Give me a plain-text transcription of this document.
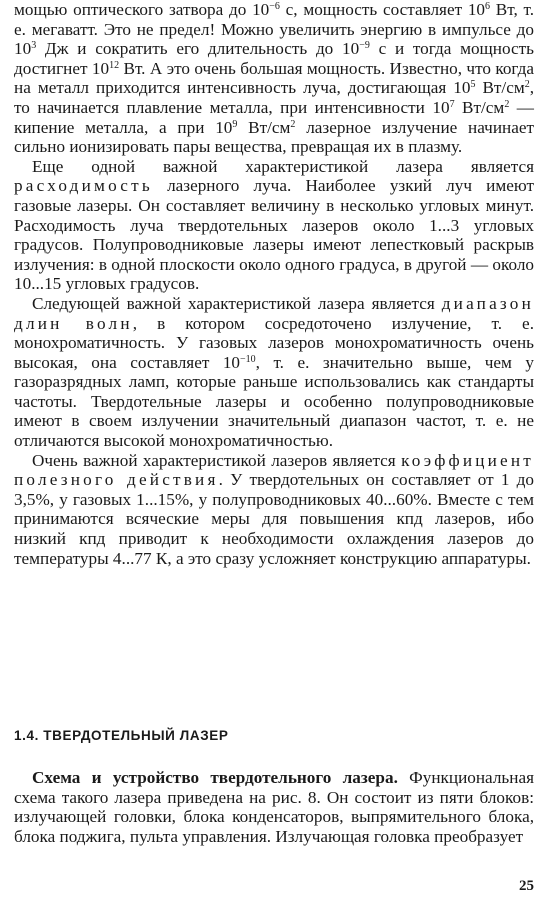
мощью оптического затвора до $10^{-6}$ с, мощность составляет $10^6$ Вт, т. е. мегаватт. Это не предел! Можно увеличить энергию в импульсе до $10^3$ Дж и сократить его длительность до $10^{-9}$ с и тогда мощность достигнет $10^{12}$ Вт. А это очень большая мощность. Известно, что когда на металл приходится интенсивность луча, достигающая $10^5$ $Вт/см^2$, то начинается плавление металла, при интенсивности $10^7$ $Вт/см^2$ — кипение металла, а при $10^9$ $Вт/см^2$ лазерное излучение начинает сильно ионизировать пары вещества, превращая их в плазму.

Еще одной важной характеристикой лазера является расходимость лазерного луча. Наиболее узкий луч имеют газовые лазеры. Он составляет величину в несколько угловых минут. Расходимость луча твердотельных лазеров около 1...3 угловых градусов. Полупроводниковые лазеры имеют лепестковый раскрыв излучения: в одной плоскости около одного градуса, в другой — около 10...15 угловых градусов.

Следующей важной характеристикой лазера является диапазон длин волн, в котором сосредоточено излучение, т. е. монохроматичность. У газовых лазеров монохроматичность очень высокая, она составляет $10^{-10}$, т. е. значительно выше, чем у газоразрядных ламп, которые раньше использовались как стандарты частоты. Твердотельные лазеры и особенно полупроводниковые имеют в своем излучении значительный диапазон частот, т. е. не отличаются высокой монохроматичностью.

Очень важной характеристикой лазеров является коэффициент полезного действия. У твердотельных он составляет от 1 до 3,5%, у газовых 1...15%, у полупроводниковых 40...60%. Вместе с тем принимаются всяческие меры для повышения кпд лазеров, ибо низкий кпд приводит к необходимости охлаждения лазеров до температуры 4...77 К, а это сразу усложняет конструкцию аппаратуры.

1.4. ТВЕРДОТЕЛЬНЫЙ ЛАЗЕР

Схема и устройство твердотельного лазера. Функциональная схема такого лазера приведена на рис. 8. Он состоит из пяти блоков: излучающей головки, блока конденсаторов, выпрямительного блока, блока поджига, пульта управления. Излучающая головка преобразует

25
